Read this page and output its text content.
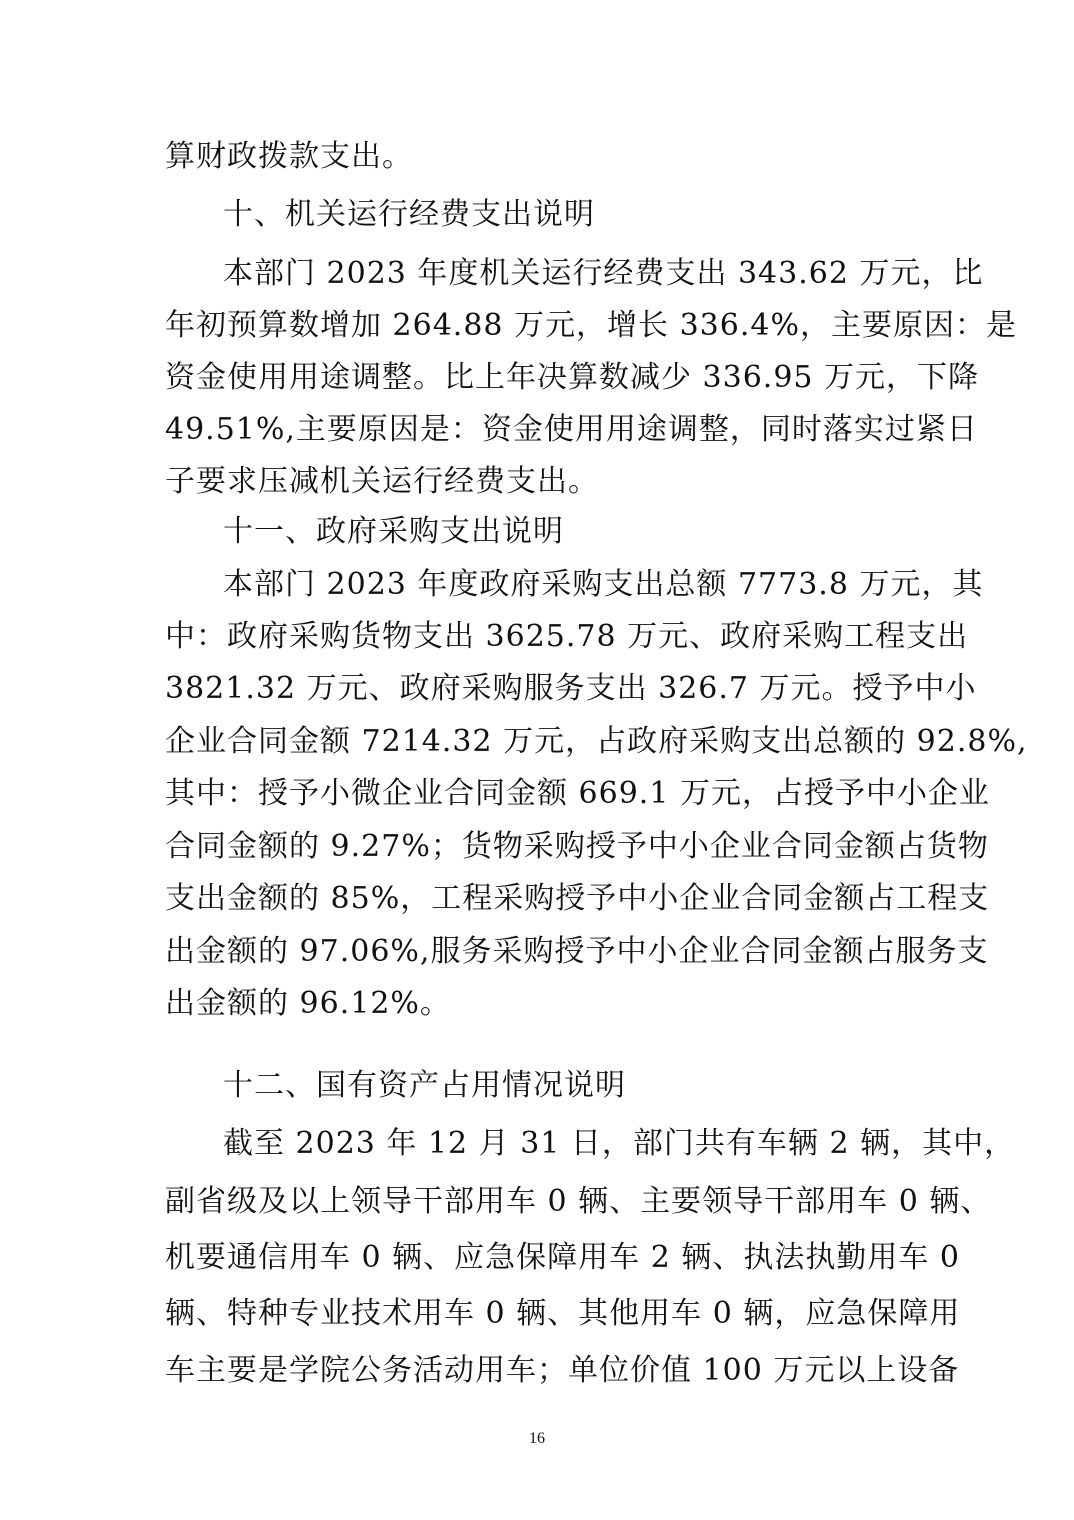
算财政拨款支出。
十、机关运行经费支出说明
本部门 2023 年度机关运行经费支出 343.62 万元，比
年初预算数增加 264.88 万元，增长 336.4%，主要原因：是
资金使用用途调整。比上年决算数减少 336.95 万元，下降
49.51%,主要原因是：资金使用用途调整，同时落实过紧日
子要求压减机关运行经费支出。
十一、政府采购支出说明
本部门 2023 年度政府采购支出总额 7773.8 万元，其
中：政府采购货物支出 3625.78 万元、政府采购工程支出
3821.32 万元、政府采购服务支出 326.7 万元。授予中小
企业合同金额 7214.32 万元，占政府采购支出总额的 92.8%,
其中：授予小微企业合同金额 669.1 万元，占授予中小企业
合同金额的 9.27%；货物采购授予中小企业合同金额占货物
支出金额的 85%，工程采购授予中小企业合同金额占工程支
出金额的 97.06%,服务采购授予中小企业合同金额占服务支
出金额的 96.12%。
十二、国有资产占用情况说明
截至 2023 年 12 月 31 日，部门共有车辆 2 辆，其中，
副省级及以上领导干部用车 0 辆、主要领导干部用车 0 辆、
机要通信用车 0 辆、应急保障用车 2 辆、执法执勤用车 0
辆、特种专业技术用车 0 辆、其他用车 0 辆，应急保障用
车主要是学院公务活动用车；单位价值 100 万元以上设备
16
